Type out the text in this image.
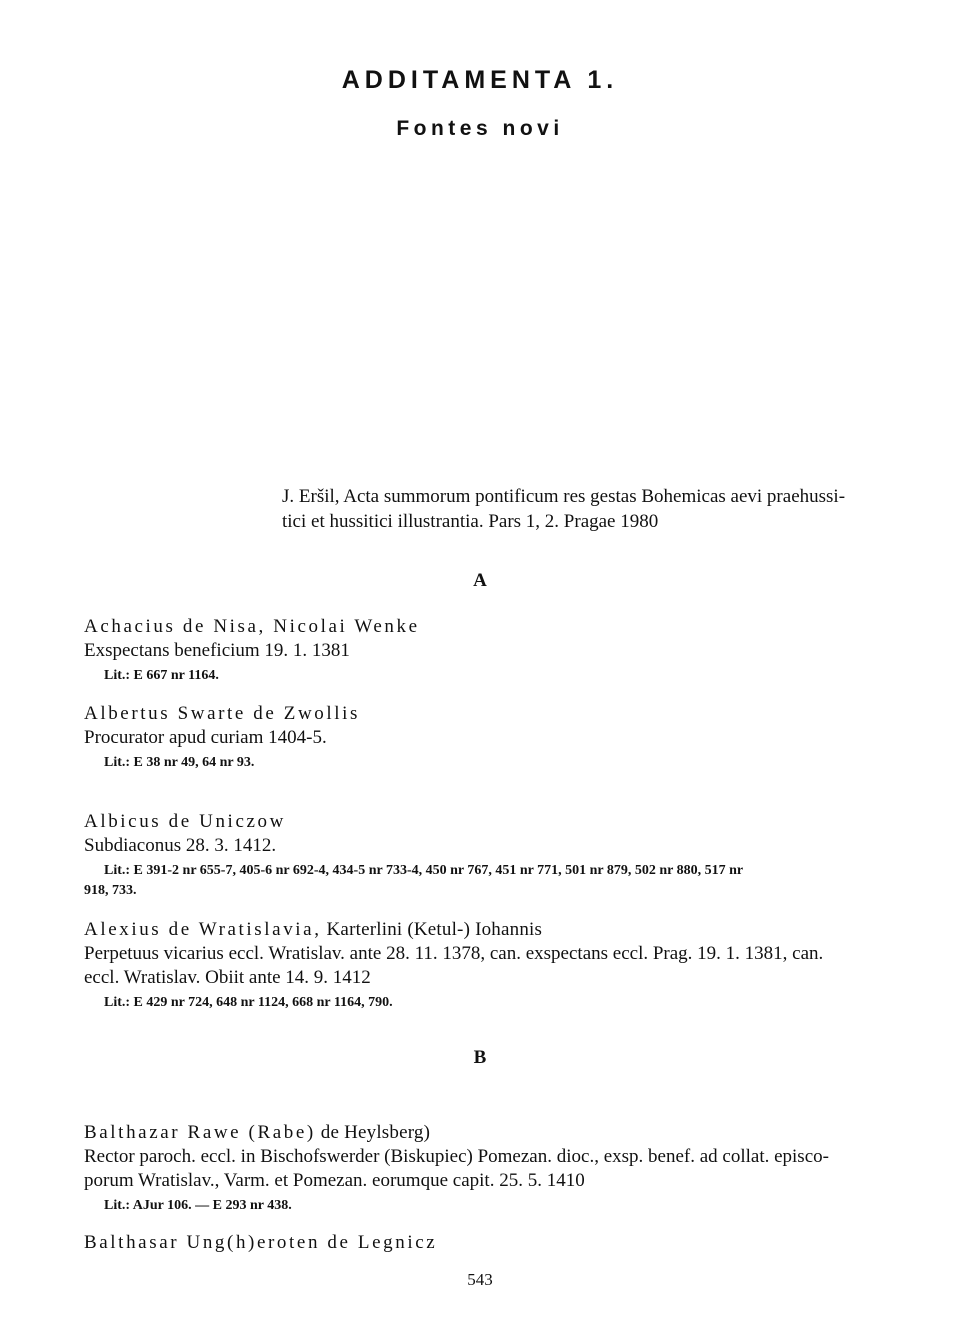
ADDITAMENTA 1.
Fontes novi
J. Eršil, Acta summorum pontificum res gestas Bohemicas aevi praehussi-
tici et hussitici illustrantia. Pars 1, 2. Pragae 1980
A
Achacius de Nisa, Nicolai Wenke
Exspectans beneficium 19. 1. 1381
Lit.: E 667 nr 1164.
Albertus Swarte de Zwollis
Procurator apud curiam 1404-5.
Lit.: E 38 nr 49, 64 nr 93.
Albicus de Uniczow
Subdiaconus 28. 3. 1412.
Lit.: E 391-2 nr 655-7, 405-6 nr 692-4, 434-5 nr 733-4, 450 nr 767, 451 nr 771, 501 nr 879, 502 nr 880, 517 nr
918, 733.
Alexius de Wratislavia, Karterlini (Ketul-) Iohannis
Perpetuus vicarius eccl. Wratislav. ante 28. 11. 1378, can. exspectans eccl. Prag. 19. 1. 1381, can.
eccl. Wratislav. Obiit ante 14. 9. 1412
Lit.: E 429 nr 724, 648 nr 1124, 668 nr 1164, 790.
B
Balthazar Rawe (Rabe) de Heylsberg)
Rector paroch. eccl. in Bischofswerder (Biskupiec) Pomezan. dioc., exsp. benef. ad collat. episco-
porum Wratislav., Varm. et Pomezan. eorumque capit. 25. 5. 1410
Lit.: AJur 106. — E 293 nr 438.
Balthasar Ung(h)eroten de Legnicz
543
